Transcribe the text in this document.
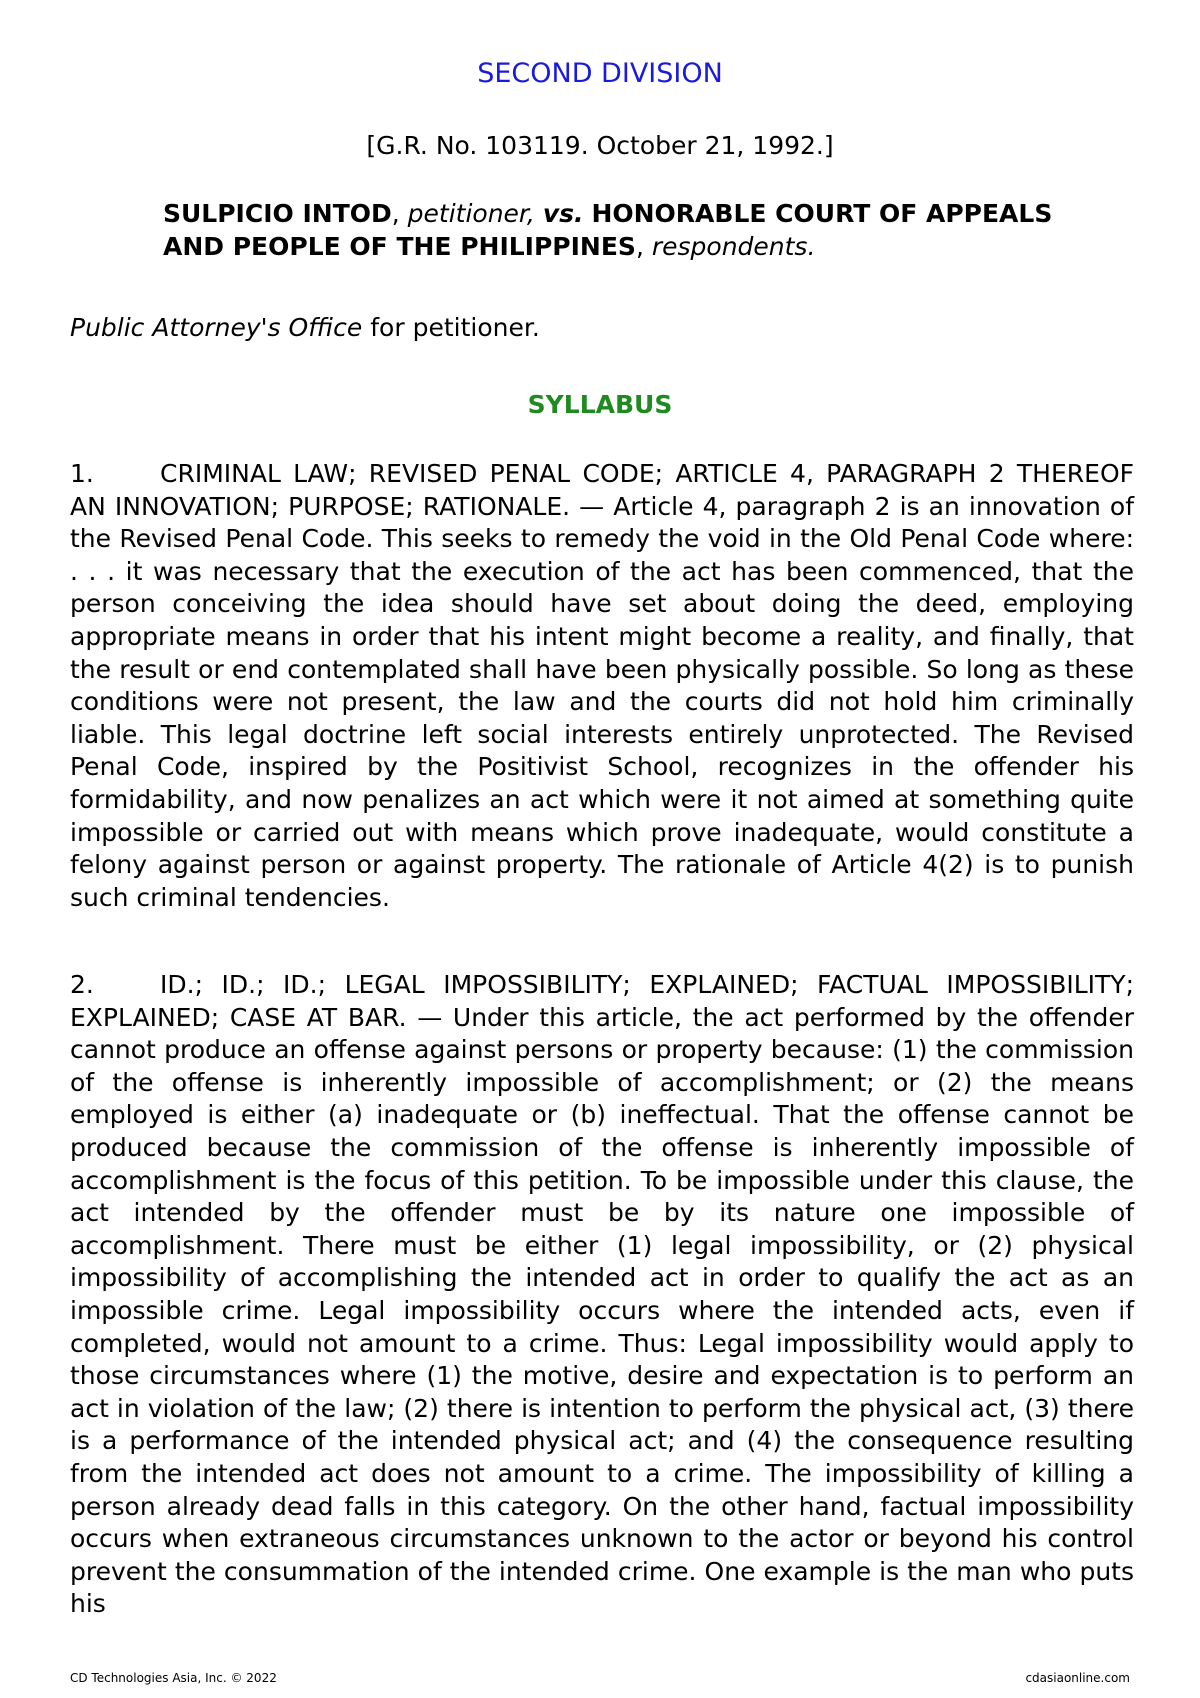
SECOND DIVISION
[G.R. No. 103119. October 21, 1992.]
SULPICIO INTOD, petitioner, vs. HONORABLE COURT OF APPEALS AND PEOPLE OF THE PHILIPPINES, respondents.
Public Attorney's Office for petitioner.
SYLLABUS
1.	CRIMINAL LAW; REVISED PENAL CODE; ARTICLE 4, PARAGRAPH 2 THEREOF AN INNOVATION; PURPOSE; RATIONALE. — Article 4, paragraph 2 is an innovation of the Revised Penal Code. This seeks to remedy the void in the Old Penal Code where: . . . it was necessary that the execution of the act has been commenced, that the person conceiving the idea should have set about doing the deed, employing appropriate means in order that his intent might become a reality, and finally, that the result or end contemplated shall have been physically possible. So long as these conditions were not present, the law and the courts did not hold him criminally liable. This legal doctrine left social interests entirely unprotected. The Revised Penal Code, inspired by the Positivist School, recognizes in the offender his formidability, and now penalizes an act which were it not aimed at something quite impossible or carried out with means which prove inadequate, would constitute a felony against person or against property. The rationale of Article 4(2) is to punish such criminal tendencies.
2.	ID.; ID.; ID.; LEGAL IMPOSSIBILITY; EXPLAINED; FACTUAL IMPOSSIBILITY; EXPLAINED; CASE AT BAR. — Under this article, the act performed by the offender cannot produce an offense against persons or property because: (1) the commission of the offense is inherently impossible of accomplishment; or (2) the means employed is either (a) inadequate or (b) ineffectual. That the offense cannot be produced because the commission of the offense is inherently impossible of accomplishment is the focus of this petition. To be impossible under this clause, the act intended by the offender must be by its nature one impossible of accomplishment. There must be either (1) legal impossibility, or (2) physical impossibility of accomplishing the intended act in order to qualify the act as an impossible crime. Legal impossibility occurs where the intended acts, even if completed, would not amount to a crime. Thus: Legal impossibility would apply to those circumstances where (1) the motive, desire and expectation is to perform an act in violation of the law; (2) there is intention to perform the physical act, (3) there is a performance of the intended physical act; and (4) the consequence resulting from the intended act does not amount to a crime. The impossibility of killing a person already dead falls in this category. On the other hand, factual impossibility occurs when extraneous circumstances unknown to the actor or beyond his control prevent the consummation of the intended crime. One example is the man who puts his
CD Technologies Asia, Inc. © 2022	cdasiaonline.com
